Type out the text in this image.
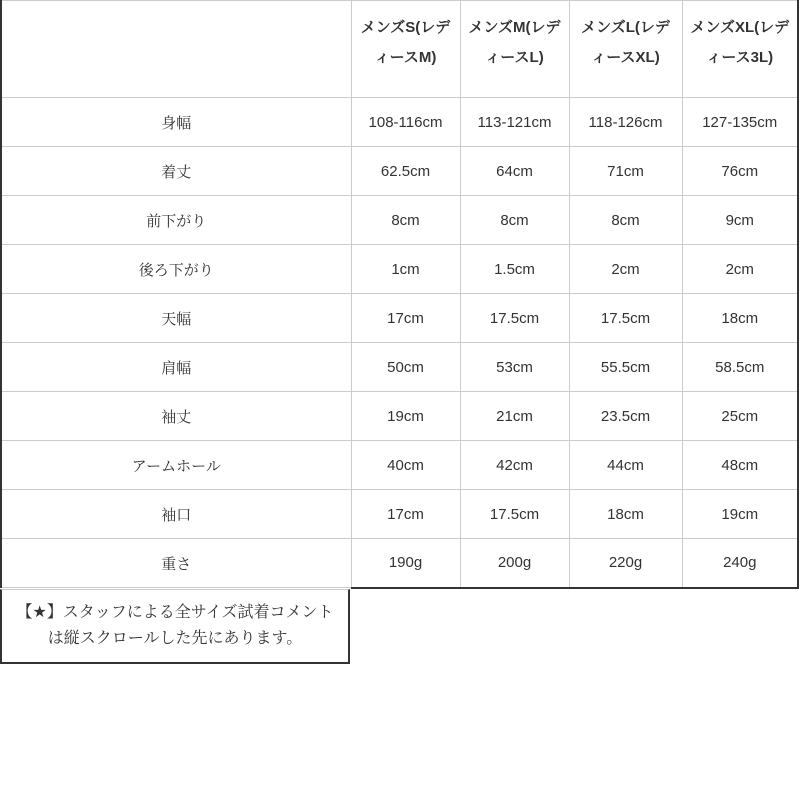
	メンズS(レディースM)	メンズM(レディースL)	メンズL(レディースXL)	メンズXL(レディース3L)
身幅	108-116cm	113-121cm	118-126cm	127-135cm
着丈	62.5cm	64cm	71cm	76cm
前下がり	8cm	8cm	8cm	9cm
後ろ下がり	1cm	1.5cm	2cm	2cm
天幅	17cm	17.5cm	17.5cm	18cm
肩幅	50cm	53cm	55.5cm	58.5cm
袖丈	19cm	21cm	23.5cm	25cm
アームホール	40cm	42cm	44cm	48cm
袖口	17cm	17.5cm	18cm	19cm
重さ	190g	200g	220g	240g
【★】スタッフによる全サイズ試着コメント
は縦スクロールした先にあります。
